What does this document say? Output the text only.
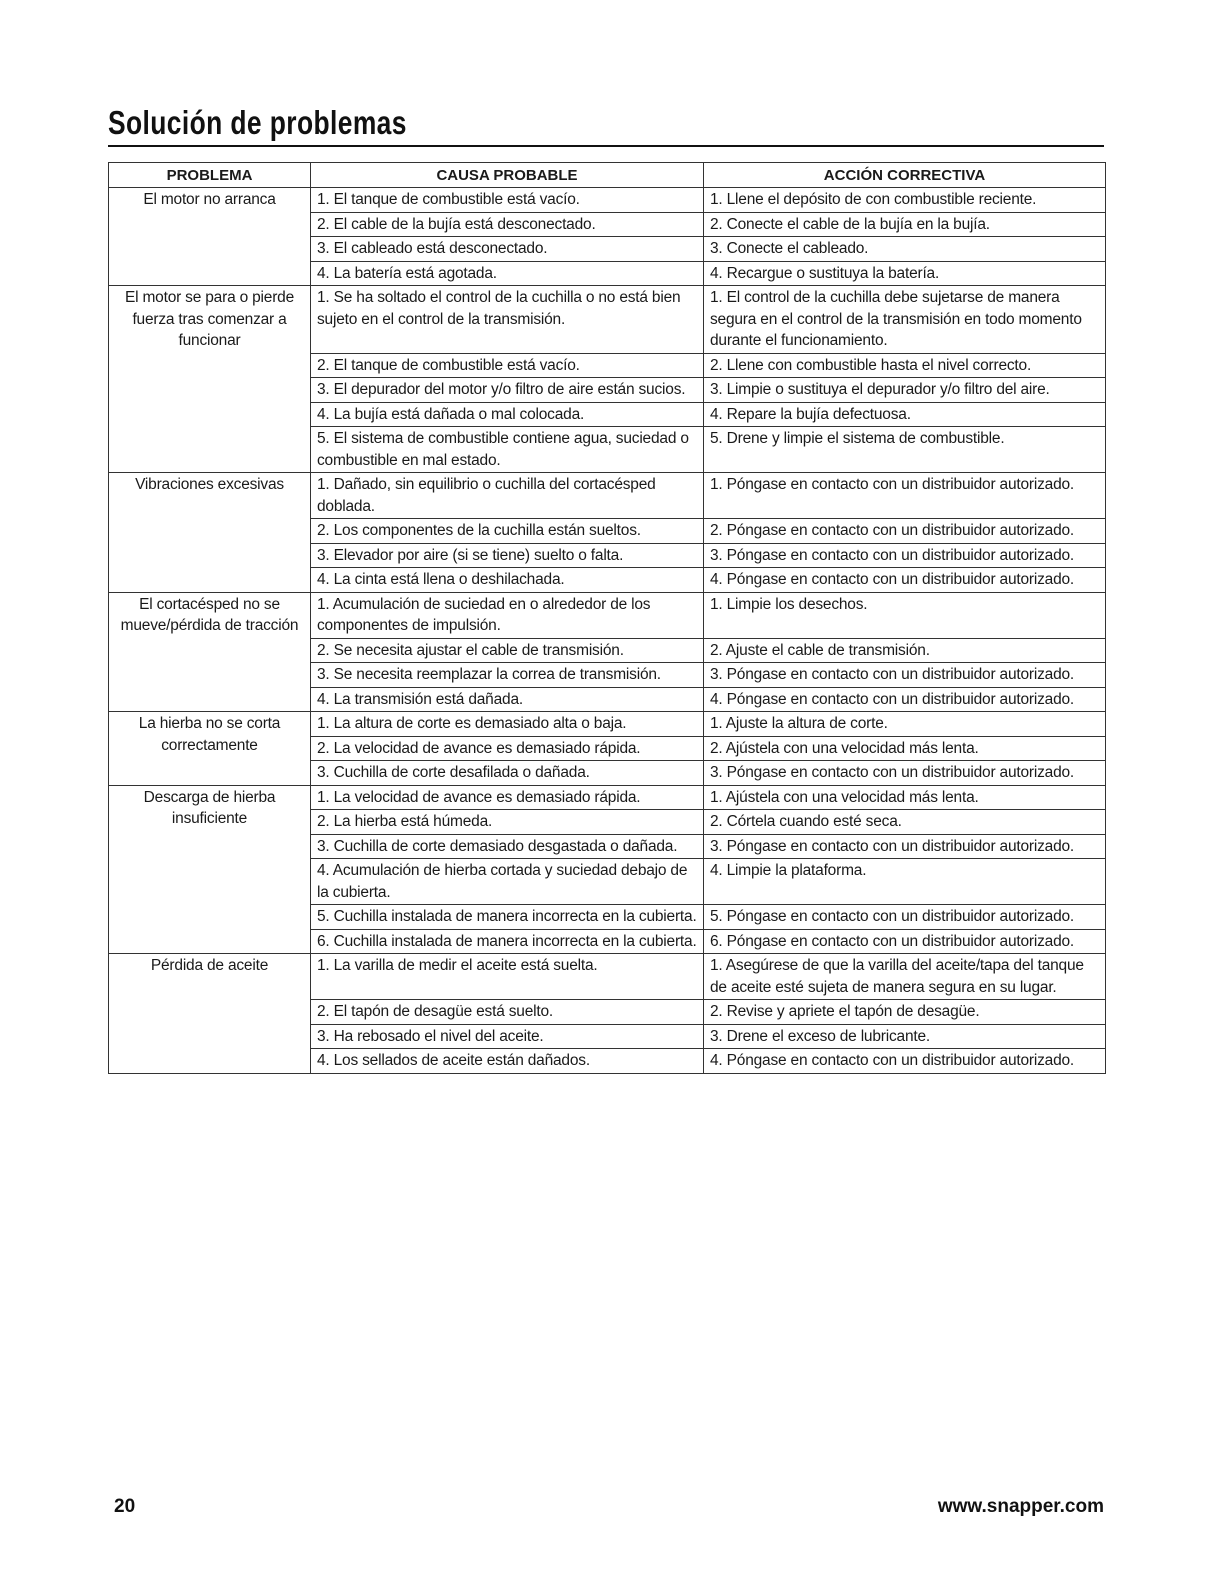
Solución de problemas
PROBLEMA	CAUSA PROBABLE	ACCIÓN CORRECTIVA
El motor no arranca	1. El tanque de combustible está vacío.	1. Llene el depósito de con combustible reciente.
	2. El cable de la bujía está desconectado.	2. Conecte el cable de la bujía en la bujía.
	3. El cableado está desconectado.	3. Conecte el cableado.
	4. La batería está agotada.	4. Recargue o sustituya la batería.
El motor se para o pierde fuerza tras comenzar a funcionar	1. Se ha soltado el control de la cuchilla o no está bien sujeto en el control de la transmisión.	1. El control de la cuchilla debe sujetarse de manera segura en el control de la transmisión en todo momento durante el funcionamiento.
	2. El tanque de combustible está vacío.	2. Llene con combustible hasta el nivel correcto.
	3. El depurador del motor y/o filtro de aire están sucios.	3. Limpie o sustituya el depurador y/o filtro del aire.
	4. La bujía está dañada o mal colocada.	4. Repare la bujía defectuosa.
	5. El sistema de combustible contiene agua, suciedad o combustible en mal estado.	5. Drene y limpie el sistema de combustible.
Vibraciones excesivas	1. Dañado, sin equilibrio o cuchilla del cortacésped doblada.	1. Póngase en contacto con un distribuidor autorizado.
	2. Los componentes de la cuchilla están sueltos.	2. Póngase en contacto con un distribuidor autorizado.
	3. Elevador por aire (si se tiene) suelto o falta.	3. Póngase en contacto con un distribuidor autorizado.
	4. La cinta está llena o deshilachada.	4. Póngase en contacto con un distribuidor autorizado.
El cortacésped no se mueve/pérdida de tracción	1. Acumulación de suciedad en o alrededor de los componentes de impulsión.	1. Limpie los desechos.
	2. Se necesita ajustar el cable de transmisión.	2. Ajuste el cable de transmisión.
	3. Se necesita reemplazar la correa de transmisión.	3. Póngase en contacto con un distribuidor autorizado.
	4. La transmisión está dañada.	4. Póngase en contacto con un distribuidor autorizado.
La hierba no se corta correctamente	1. La altura de corte es demasiado alta o baja.	1. Ajuste la altura de corte.
	2. La velocidad de avance es demasiado rápida.	2. Ajústela con una velocidad más lenta.
	3. Cuchilla de corte desafilada o dañada.	3. Póngase en contacto con un distribuidor autorizado.
Descarga de hierba insuficiente	1. La velocidad de avance es demasiado rápida.	1. Ajústela con una velocidad más lenta.
	2. La hierba está húmeda.	2. Córtela cuando esté seca.
	3. Cuchilla de corte demasiado desgastada o dañada.	3. Póngase en contacto con un distribuidor autorizado.
	4. Acumulación de hierba cortada y suciedad debajo de la cubierta.	4. Limpie la plataforma.
	5. Cuchilla instalada de manera incorrecta en la cubierta.	5. Póngase en contacto con un distribuidor autorizado.
	6. Cuchilla instalada de manera incorrecta en la cubierta.	6. Póngase en contacto con un distribuidor autorizado.
Pérdida de aceite	1. La varilla de medir el aceite está suelta.	1. Asegúrese de que la varilla del aceite/tapa del tanque de aceite esté sujeta de manera segura en su lugar.
	2. El tapón de desagüe está suelto.	2. Revise y apriete el tapón de desagüe.
	3. Ha rebosado el nivel del aceite.	3. Drene el exceso de lubricante.
	4. Los sellados de aceite están dañados.	4. Póngase en contacto con un distribuidor autorizado.
20	www.snapper.com
